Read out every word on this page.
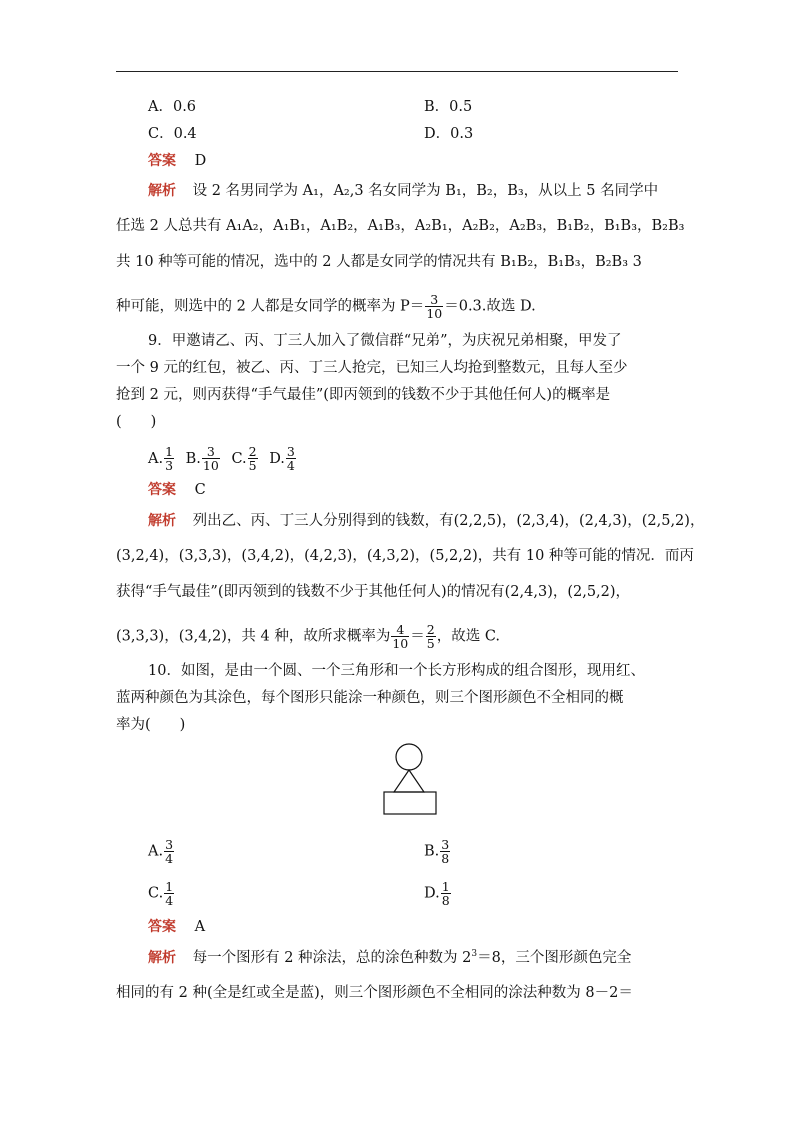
A．0.6	B．0.5
C．0.4	D．0.3
答案 D
解析 设 2 名男同学为 A₁，A₂,3 名女同学为 B₁，B₂，B₃，从以上 5 名同学中
任选 2 人总共有 A₁A₂，A₁B₁，A₁B₂，A₁B₃，A₂B₁，A₂B₂，A₂B₃，B₁B₂，B₁B₃，B₂B₃
共 10 种等可能的情况，选中的 2 人都是女同学的情况共有 B₁B₂，B₁B₃，B₂B₃ 3
种可能，则选中的 2 人都是女同学的概率为 $P= \frac{3}{10} =0.3$.故选 D.
9．甲邀请乙、丙、丁三人加入了微信群“兄弟”，为庆祝兄弟相聚，甲发了
一个 9 元的红包，被乙、丙、丁三人抢完，已知三人均抢到整数元，且每人至少
抢到 2 元，则丙获得“手气最佳”(即丙领到的钱数不少于其他任何人)的概率是
(　　)
A. $\frac{1}{3} B$. $\frac{3}{10} C$. $\frac{2}{5} D$. $\frac{3}{4}$
答案 C
解析 列出乙、丙、丁三人分别得到的钱数，有(2,2,5)，(2,3,4)，(2,4,3)，(2,5,2)，
(3,2,4)，(3,3,3)，(3,4,2)，(4,2,3)，(4,3,2)，(5,2,2)，共有 10 种等可能的情况．而丙
获得“手气最佳”(即丙领到的钱数不少于其他任何人)的情况有(2,4,3)，(2,5,2)，
(3,3,3)，(3,4,2)，共 4 种，故所求概率为 $\frac{4}{10} = \frac{2}{5}$ ，故选 C.
10．如图，是由一个圆、一个三角形和一个长方形构成的组合图形，现用红、
蓝两种颜色为其涂色，每个图形只能涂一种颜色，则三个图形颜色不全相同的概
率为(　　)
A. $\frac{3}{4}$	B. $\frac{3}{8}$
C. $\frac{1}{4}$	D. $\frac{1}{8}$
答案 A
解析 每一个图形有 2 种涂法，总的涂色种数为 $2^3=8$，三个图形颜色完全
相同的有 2 种(全是红或全是蓝)，则三个图形颜色不全相同的涂法种数为 8－2＝
